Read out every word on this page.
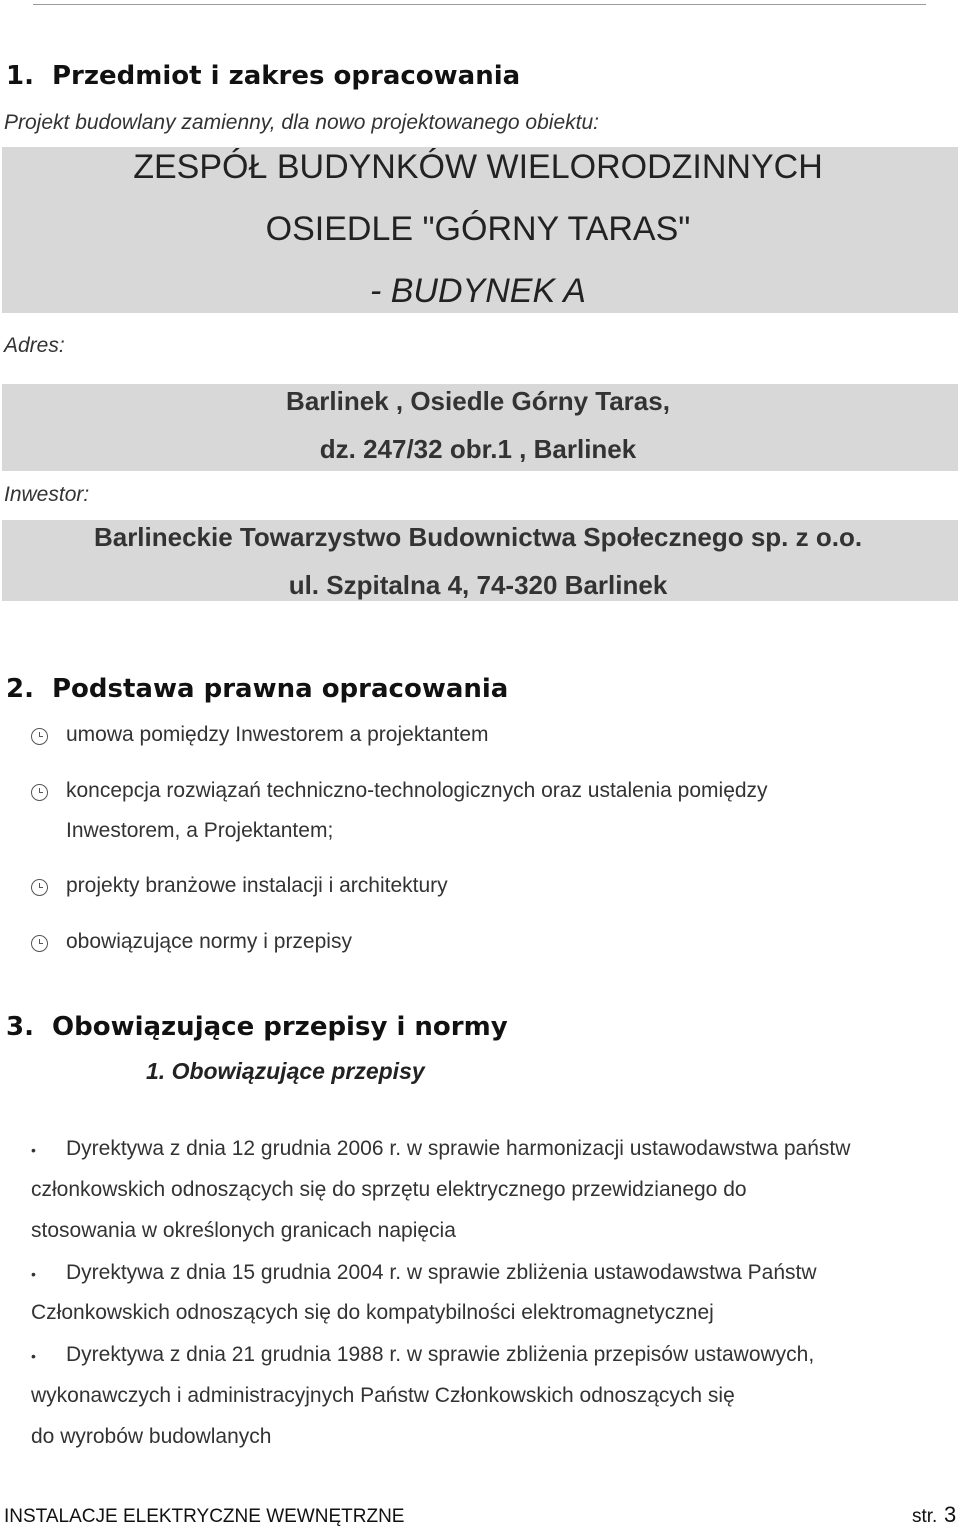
1. Przedmiot i zakres opracowania
Projekt budowlany zamienny, dla nowo projektowanego obiektu:
ZESPÓŁ BUDYNKÓW WIELORODZINNYCH
OSIEDLE "GÓRNY TARAS"
- BUDYNEK A
Adres:
Barlinek , Osiedle Górny Taras,
dz. 247/32 obr.1 , Barlinek
Inwestor:
Barlineckie Towarzystwo Budownictwa Społecznego sp. z o.o.
ul. Szpitalna 4, 74-320 Barlinek
2. Podstawa prawna opracowania
umowa pomiędzy Inwestorem a projektantem
koncepcja rozwiązań techniczno-technologicznych oraz ustalenia pomiędzy
Inwestorem, a Projektantem;
projekty branżowe instalacji i architektury
obowiązujące normy i przepisy
3. Obowiązujące przepisy i normy
1. Obowiązujące przepisy
• Dyrektywa z dnia 12 grudnia 2006 r. w sprawie harmonizacji ustawodawstwa państw
członkowskich odnoszących się do sprzętu elektrycznego przewidzianego do
stosowania w określonych granicach napięcia
• Dyrektywa z dnia 15 grudnia 2004 r. w sprawie zbliżenia ustawodawstwa Państw
Członkowskich odnoszących się do kompatybilności elektromagnetycznej
• Dyrektywa z dnia 21 grudnia 1988 r. w sprawie zbliżenia przepisów ustawowych,
wykonawczych i administracyjnych Państw Członkowskich odnoszących się
do wyrobów budowlanych
INSTALACJE ELEKTRYCZNE WEWNĘTRZNE	str. 3
